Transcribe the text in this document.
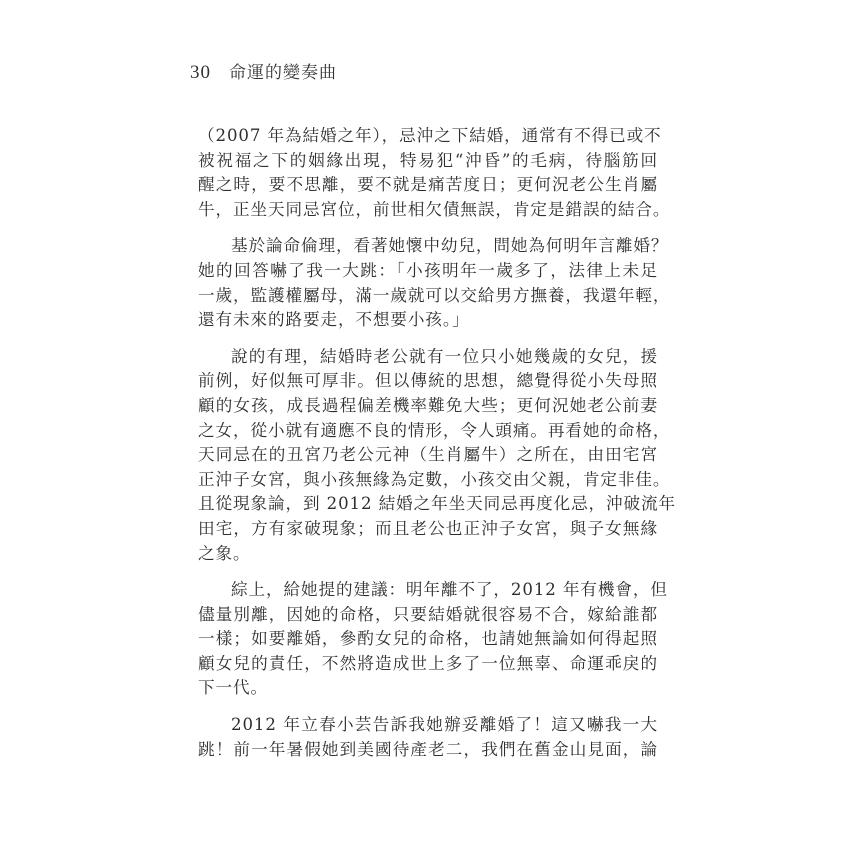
30 命運的變奏曲
（2007 年為結婚之年），忌沖之下結婚，通常有不得已或不
被祝福之下的姻緣出現，特易犯“沖昏”的毛病，待腦筋回
醒之時，要不思離，要不就是痛苦度日；更何況老公生肖屬
牛，正坐天同忌宮位，前世相欠債無誤，肯定是錯誤的結合。
基於論命倫理，看著她懷中幼兒，問她為何明年言離婚？
她的回答嚇了我一大跳：「小孩明年一歲多了，法律上未足
一歲，監護權屬母，滿一歲就可以交給男方撫養，我還年輕，
還有未來的路要走，不想要小孩。」
說的有理，結婚時老公就有一位只小她幾歲的女兒，援
前例，好似無可厚非。但以傳統的思想，總覺得從小失母照
顧的女孩，成長過程偏差機率難免大些；更何況她老公前妻
之女，從小就有適應不良的情形，令人頭痛。再看她的命格，
天同忌在的丑宮乃老公元神（生肖屬牛）之所在，由田宅宮
正沖子女宮，與小孩無緣為定數，小孩交由父親，肯定非佳。
且從現象論，到 2012 結婚之年坐天同忌再度化忌，沖破流年
田宅，方有家破現象；而且老公也正沖子女宮，與子女無緣
之象。
綜上，給她提的建議：明年離不了，2012 年有機會，但
儘量別離，因她的命格，只要結婚就很容易不合，嫁給誰都
一樣；如要離婚，參酌女兒的命格，也請她無論如何得起照
顧女兒的責任，不然將造成世上多了一位無辜、命運乖戾的
下一代。
2012 年立春小芸告訴我她辦妥離婚了！這又嚇我一大
跳！前一年暑假她到美國待產老二，我們在舊金山見面，論
